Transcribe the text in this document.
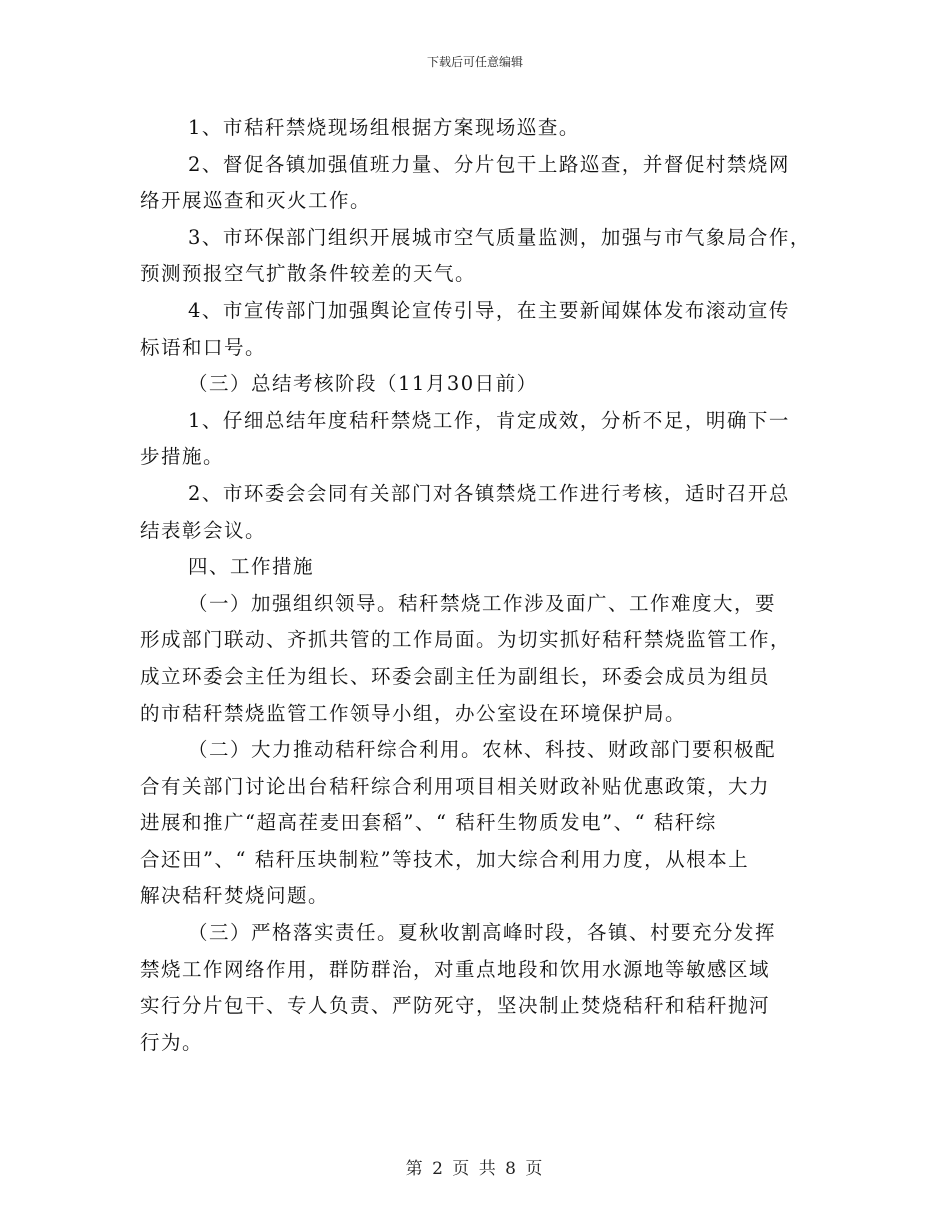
下载后可任意编辑
1、市秸秆禁烧现场组根据方案现场巡查。
2、督促各镇加强值班力量、分片包干上路巡查，并督促村禁烧网
络开展巡查和灭火工作。
3、市环保部门组织开展城市空气质量监测，加强与市气象局合作，
预测预报空气扩散条件较差的天气。
4、市宣传部门加强舆论宣传引导，在主要新闻媒体发布滚动宣传
标语和口号。
（三）总结考核阶段（11月30日前）
1、仔细总结年度秸秆禁烧工作，肯定成效，分析不足，明确下一
步措施。
2、市环委会会同有关部门对各镇禁烧工作进行考核，适时召开总
结表彰会议。
四、工作措施
（一）加强组织领导。秸秆禁烧工作涉及面广、工作难度大，要
形成部门联动、齐抓共管的工作局面。为切实抓好秸秆禁烧监管工作，
成立环委会主任为组长、环委会副主任为副组长，环委会成员为组员
的市秸秆禁烧监管工作领导小组，办公室设在环境保护局。
（二）大力推动秸秆综合利用。农林、科技、财政部门要积极配
合有关部门讨论出台秸秆综合利用项目相关财政补贴优惠政策，大力
进展和推广“超高茬麦田套稻”、“ 秸秆生物质发电”、“ 秸秆综
合还田”、“ 秸秆压块制粒”等技术，加大综合利用力度，从根本上
解决秸秆焚烧问题。
（三）严格落实责任。夏秋收割高峰时段，各镇、村要充分发挥
禁烧工作网络作用，群防群治，对重点地段和饮用水源地等敏感区域
实行分片包干、专人负责、严防死守，坚决制止焚烧秸秆和秸秆抛河
行为。
第 2 页 共 8 页
